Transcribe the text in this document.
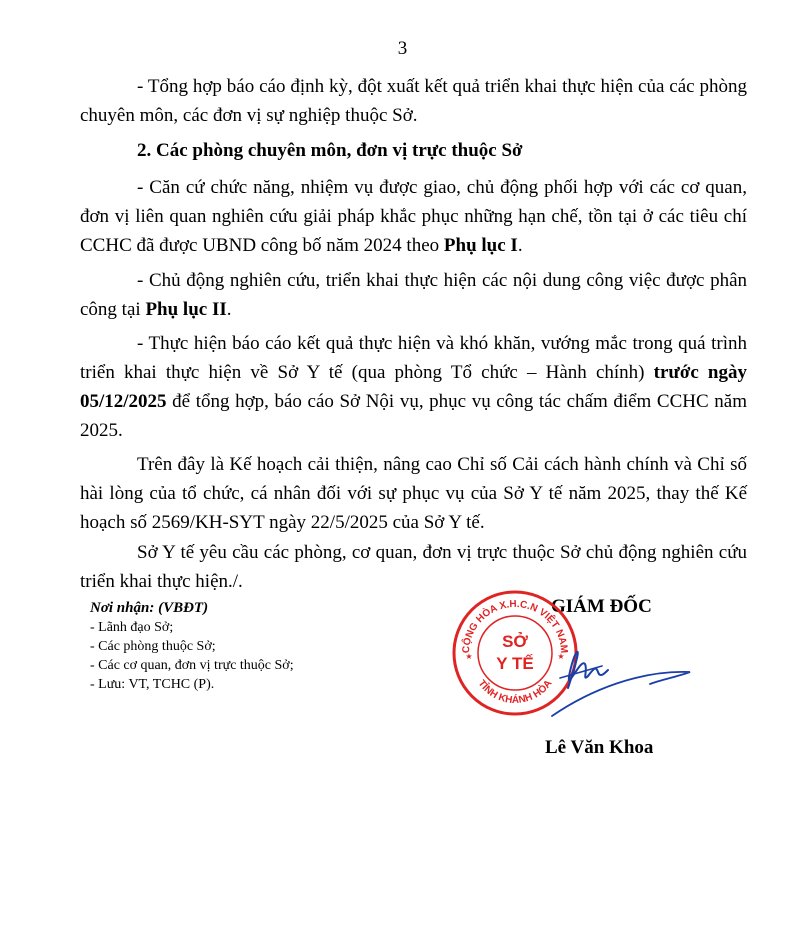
3

- Tổng hợp báo cáo định kỳ, đột xuất kết quả triển khai thực hiện của các phòng chuyên môn, các đơn vị sự nghiệp thuộc Sở.

2. Các phòng chuyên môn, đơn vị trực thuộc Sở

- Căn cứ chức năng, nhiệm vụ được giao, chủ động phối hợp với các cơ quan, đơn vị liên quan nghiên cứu giải pháp khắc phục những hạn chế, tồn tại ở các tiêu chí CCHC đã được UBND công bố năm 2024 theo Phụ lục I.

- Chủ động nghiên cứu, triển khai thực hiện các nội dung công việc được phân công tại Phụ lục II.

- Thực hiện báo cáo kết quả thực hiện và khó khăn, vướng mắc trong quá trình triển khai thực hiện về Sở Y tế (qua phòng Tổ chức – Hành chính) trước ngày 05/12/2025 để tổng hợp, báo cáo Sở Nội vụ, phục vụ công tác chấm điểm CCHC năm 2025.

Trên đây là Kế hoạch cải thiện, nâng cao Chỉ số Cải cách hành chính và Chỉ số hài lòng của tổ chức, cá nhân đối với sự phục vụ của Sở Y tế năm 2025, thay thế Kế hoạch số 2569/KH-SYT ngày 22/5/2025 của Sở Y tế.

Sở Y tế yêu cầu các phòng, cơ quan, đơn vị trực thuộc Sở chủ động nghiên cứu triển khai thực hiện./.

Nơi nhận: (VBĐT)
- Lãnh đạo Sở;
- Các phòng thuộc Sở;
- Các cơ quan, đơn vị trực thuộc Sở;
- Lưu: VT, TCHC (P).
GIÁM ĐỐC
CỘNG HÒA X.H.C.N VIỆT NAM
TỈNH KHÁNH HÒA
SỞ
Y TẾ
★	★
Lê Văn Khoa
